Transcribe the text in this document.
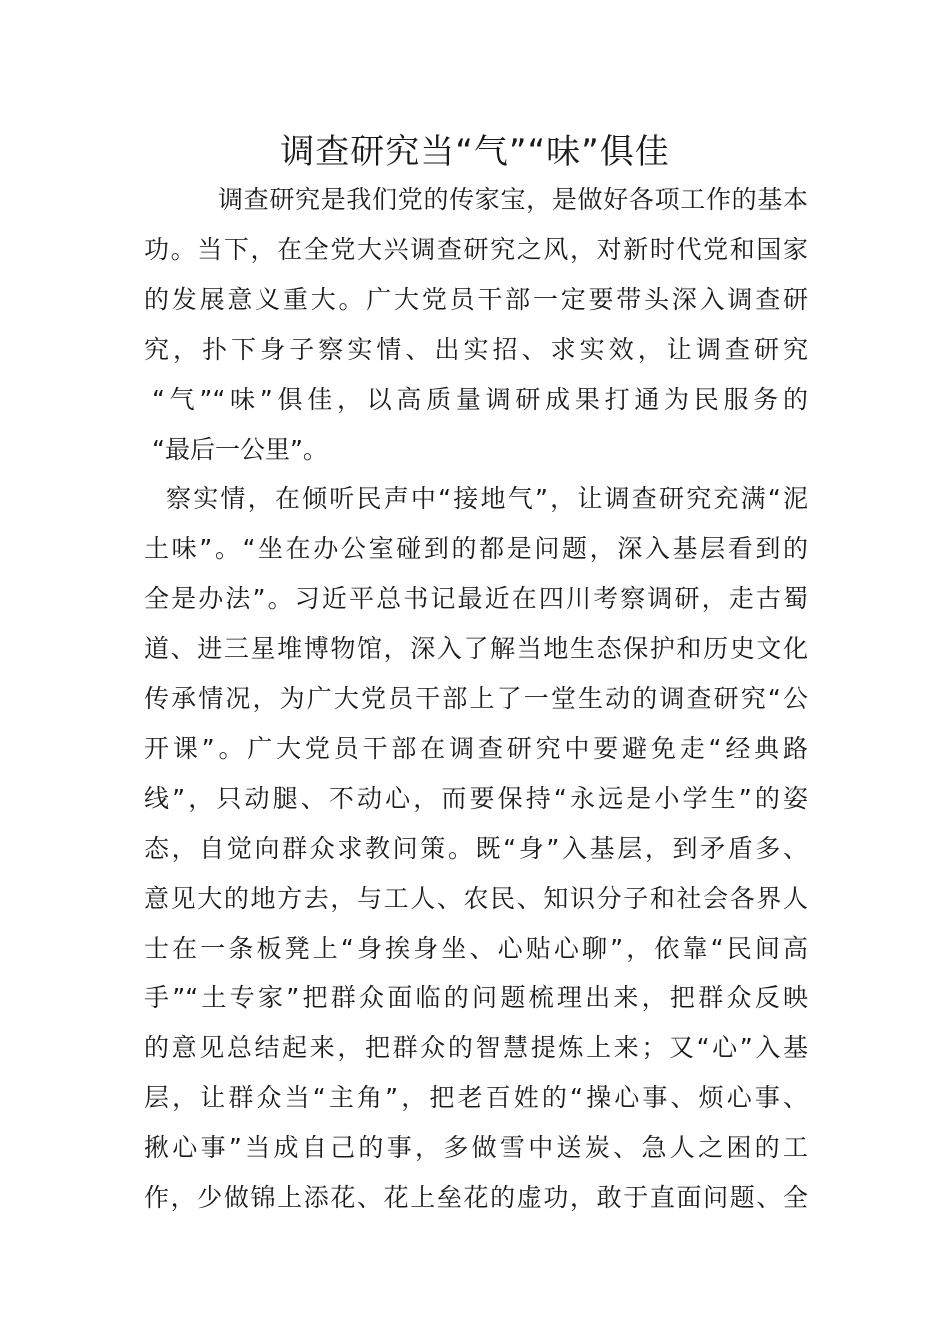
调查研究当“气”“味”俱佳
调查研究是我们党的传家宝，是做好各项工作的基本
功。当下，在全党大兴调查研究之风，对新时代党和国家
的发展意义重大。广大党员干部一定要带头深入调查研
究，扑下身子察实情、出实招、求实效，让调查研究
“气”“味”俱佳，以高质量调研成果打通为民服务的
“最后一公里”。
察实情，在倾听民声中“接地气”，让调查研究充满“泥
土味”。“坐在办公室碰到的都是问题，深入基层看到的
全是办法”。习近平总书记最近在四川考察调研，走古蜀
道、进三星堆博物馆，深入了解当地生态保护和历史文化
传承情况，为广大党员干部上了一堂生动的调查研究“公
开课”。广大党员干部在调查研究中要避免走“经典路
线”，只动腿、不动心，而要保持“永远是小学生”的姿
态，自觉向群众求教问策。既“身”入基层，到矛盾多、
意见大的地方去，与工人、农民、知识分子和社会各界人
士在一条板凳上“身挨身坐、心贴心聊”，依靠“民间高
手”“土专家”把群众面临的问题梳理出来，把群众反映
的意见总结起来，把群众的智慧提炼上来；又“心”入基
层，让群众当“主角”，把老百姓的“操心事、烦心事、
揪心事”当成自己的事，多做雪中送炭、急人之困的工
作，少做锦上添花、花上垒花的虚功，敢于直面问题、全
